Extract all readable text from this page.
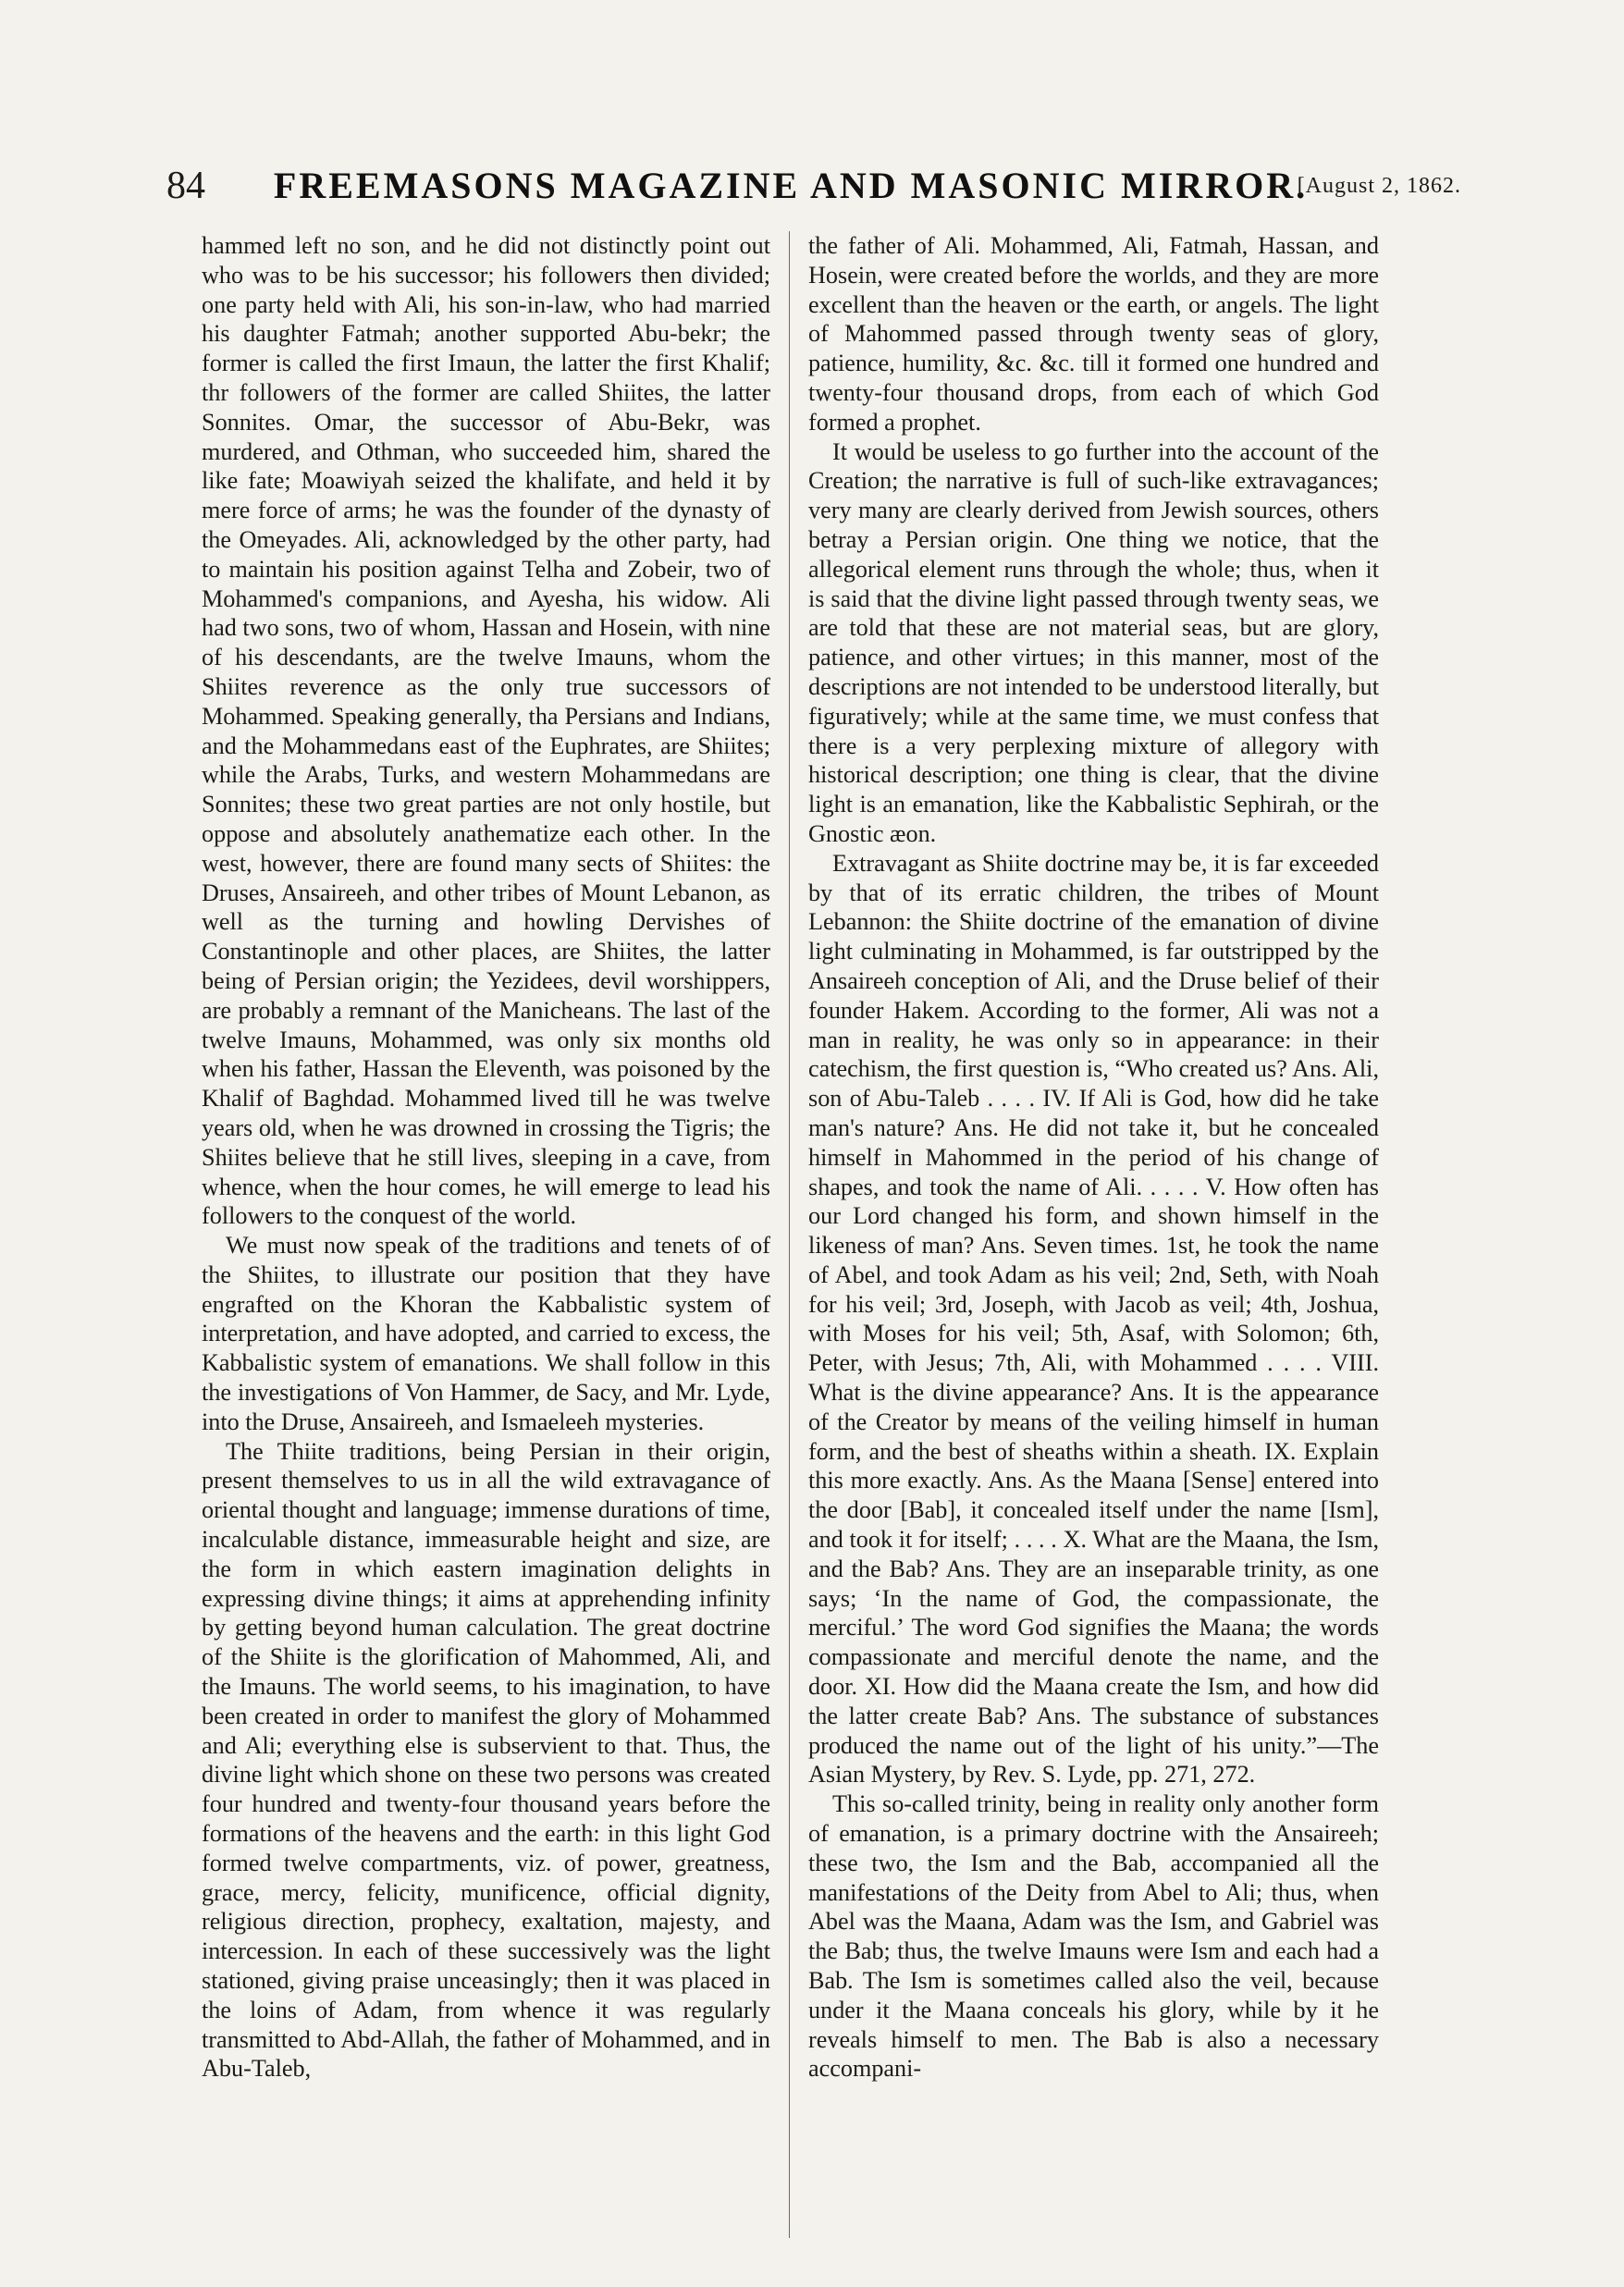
84	FREEMASONS MAGAZINE AND MASONIC MIRROR.
[August 2, 1862.

hammed left no son, and he did not distinctly point out who was to be his successor; his followers then divided; one party held with Ali, his son-in-law, who had married his daughter Fatmah; another supported Abu-bekr; the former is called the first Imaun, the latter the first Khalif; thr followers of the former are called Shiites, the latter Sonnites. Omar, the successor of Abu-Bekr, was murdered, and Othman, who succeeded him, shared the like fate; Moawiyah seized the khalifate, and held it by mere force of arms; he was the founder of the dynasty of the Omeyades. Ali, acknowledged by the other party, had to maintain his position against Telha and Zobeir, two of Mohammed's companions, and Ayesha, his widow. Ali had two sons, two of whom, Hassan and Hosein, with nine of his descendants, are the twelve Imauns, whom the Shiites reverence as the only true successors of Mohammed. Speaking generally, tha Persians and Indians, and the Mohammedans east of the Euphrates, are Shiites; while the Arabs, Turks, and western Mohammedans are Sonnites; these two great parties are not only hostile, but oppose and absolutely anathematize each other. In the west, however, there are found many sects of Shiites: the Druses, Ansaireeh, and other tribes of Mount Lebanon, as well as the turning and howling Dervishes of Constantinople and other places, are Shiites, the latter being of Persian origin; the Yezidees, devil worshippers, are probably a remnant of the Manicheans. The last of the twelve Imauns, Mohammed, was only six months old when his father, Hassan the Eleventh, was poisoned by the Khalif of Baghdad. Mohammed lived till he was twelve years old, when he was drowned in crossing the Tigris; the Shiites believe that he still lives, sleeping in a cave, from whence, when the hour comes, he will emerge to lead his followers to the conquest of the world.

We must now speak of the traditions and tenets of of the Shiites, to illustrate our position that they have engrafted on the Khoran the Kabbalistic system of interpretation, and have adopted, and carried to excess, the Kabbalistic system of emanations. We shall follow in this the investigations of Von Hammer, de Sacy, and Mr. Lyde, into the Druse, Ansaireeh, and Ismaeleeh mysteries.

The Thiite traditions, being Persian in their origin, present themselves to us in all the wild extravagance of oriental thought and language; immense durations of time, incalculable distance, immeasurable height and size, are the form in which eastern imagination delights in expressing divine things; it aims at apprehending infinity by getting beyond human calculation. The great doctrine of the Shiite is the glorification of Mahommed, Ali, and the Imauns. The world seems, to his imagination, to have been created in order to manifest the glory of Mohammed and Ali; everything else is subservient to that. Thus, the divine light which shone on these two persons was created four hundred and twenty-four thousand years before the formations of the heavens and the earth: in this light God formed twelve compartments, viz. of power, greatness, grace, mercy, felicity, munificence, official dignity, religious direction, prophecy, exaltation, majesty, and intercession. In each of these successively was the light stationed, giving praise unceasingly; then it was placed in the loins of Adam, from whence it was regularly transmitted to Abd-Allah, the father of Mohammed, and in Abu-Taleb,

the father of Ali. Mohammed, Ali, Fatmah, Hassan, and Hosein, were created before the worlds, and they are more excellent than the heaven or the earth, or angels. The light of Mahommed passed through twenty seas of glory, patience, humility, &c. &c. till it formed one hundred and twenty-four thousand drops, from each of which God formed a prophet.

It would be useless to go further into the account of the Creation; the narrative is full of such-like extravagances; very many are clearly derived from Jewish sources, others betray a Persian origin. One thing we notice, that the allegorical element runs through the whole; thus, when it is said that the divine light passed through twenty seas, we are told that these are not material seas, but are glory, patience, and other virtues; in this manner, most of the descriptions are not intended to be understood literally, but figuratively; while at the same time, we must confess that there is a very perplexing mixture of allegory with historical description; one thing is clear, that the divine light is an emanation, like the Kabbalistic Sephirah, or the Gnostic æon.

Extravagant as Shiite doctrine may be, it is far exceeded by that of its erratic children, the tribes of Mount Lebannon: the Shiite doctrine of the emanation of divine light culminating in Mohammed, is far outstripped by the Ansaireeh conception of Ali, and the Druse belief of their founder Hakem. According to the former, Ali was not a man in reality, he was only so in appearance: in their catechism, the first question is, “Who created us? Ans. Ali, son of Abu-Taleb . . . . IV. If Ali is God, how did he take man's nature? Ans. He did not take it, but he concealed himself in Mahommed in the period of his change of shapes, and took the name of Ali. . . . . V. How often has our Lord changed his form, and shown himself in the likeness of man? Ans. Seven times. 1st, he took the name of Abel, and took Adam as his veil; 2nd, Seth, with Noah for his veil; 3rd, Joseph, with Jacob as veil; 4th, Joshua, with Moses for his veil; 5th, Asaf, with Solomon; 6th, Peter, with Jesus; 7th, Ali, with Mohammed . . . . VIII. What is the divine appearance? Ans. It is the appearance of the Creator by means of the veiling himself in human form, and the best of sheaths within a sheath. IX. Explain this more exactly. Ans. As the Maana [Sense] entered into the door [Bab], it concealed itself under the name [Ism], and took it for itself; . . . . X. What are the Maana, the Ism, and the Bab? Ans. They are an inseparable trinity, as one says; ‘In the name of God, the compassionate, the merciful.’ The word God signifies the Maana; the words compassionate and merciful denote the name, and the door. XI. How did the Maana create the Ism, and how did the latter create Bab? Ans. The substance of substances produced the name out of the light of his unity.”—The Asian Mystery, by Rev. S. Lyde, pp. 271, 272.

This so-called trinity, being in reality only another form of emanation, is a primary doctrine with the Ansaireeh; these two, the Ism and the Bab, accompanied all the manifestations of the Deity from Abel to Ali; thus, when Abel was the Maana, Adam was the Ism, and Gabriel was the Bab; thus, the twelve Imauns were Ism and each had a Bab. The Ism is sometimes called also the veil, because under it the Maana conceals his glory, while by it he reveals himself to men. The Bab is also a necessary accompani-
